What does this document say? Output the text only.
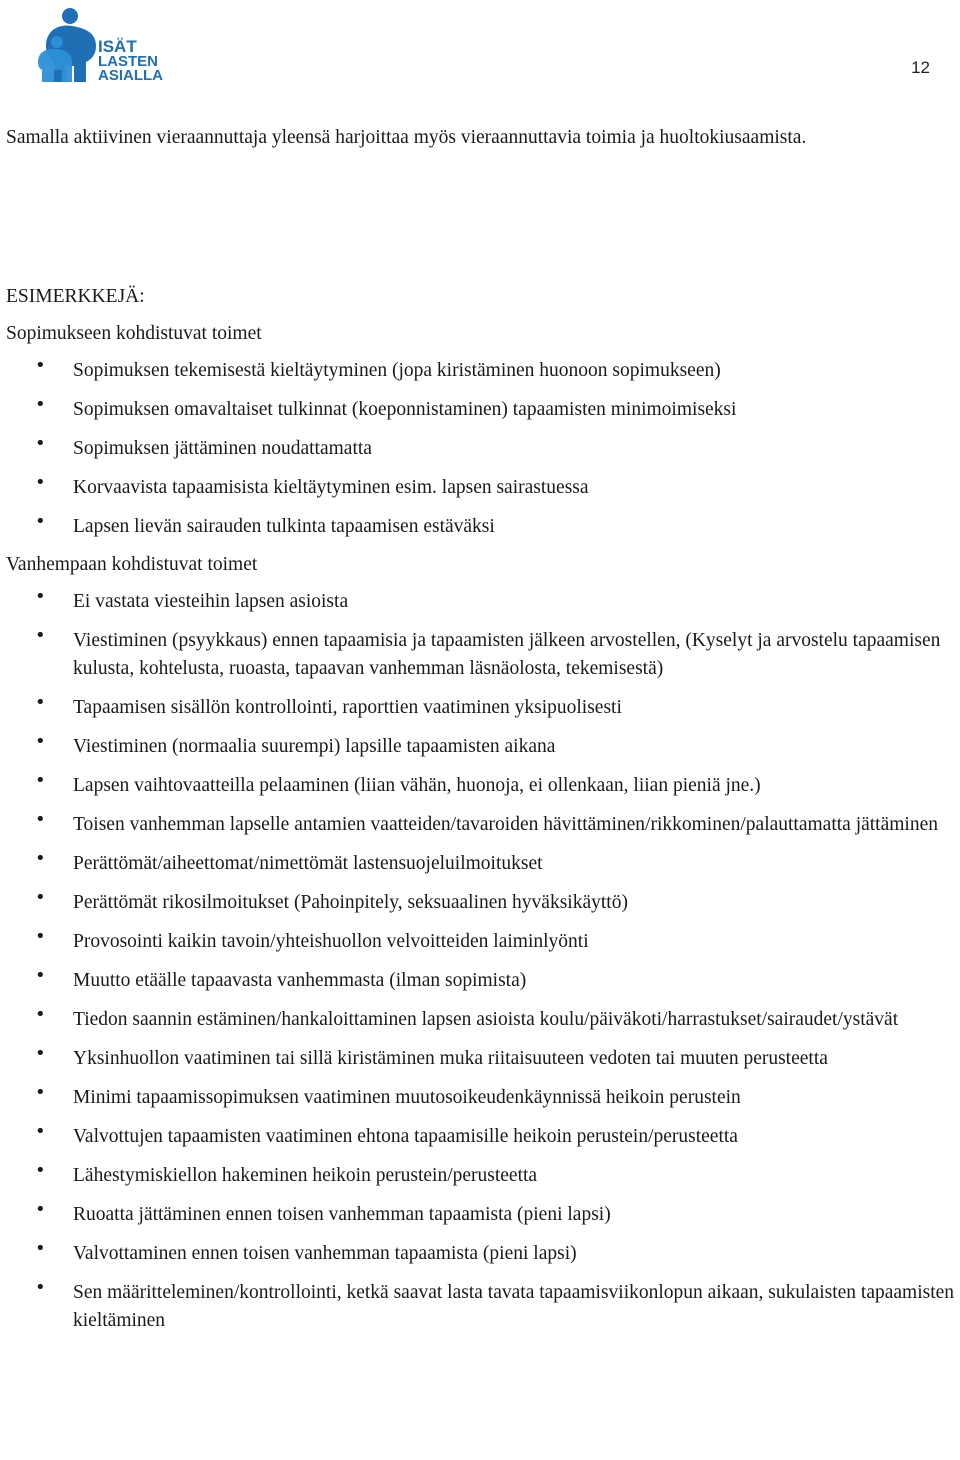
ISÄT
LASTEN
ASIALLA	12

Samalla aktiivinen vieraannuttaja yleensä harjoittaa myös vieraannuttavia toimia ja huoltokiusaamista.

ESIMERKKEJÄ:
Sopimukseen kohdistuvat toimet
• Sopimuksen tekemisestä kieltäytyminen (jopa kiristäminen huonoon sopimukseen)
• Sopimuksen omavaltaiset tulkinnat (koeponnistaminen) tapaamisten minimoimiseksi
• Sopimuksen jättäminen noudattamatta
• Korvaavista tapaamisista kieltäytyminen esim. lapsen sairastuessa
• Lapsen lievän sairauden tulkinta tapaamisen estäväksi
Vanhempaan kohdistuvat toimet
• Ei vastata viesteihin lapsen asioista
• Viestiminen (psyykkaus) ennen tapaamisia ja tapaamisten jälkeen arvostellen, (Kyselyt ja arvostelu tapaamisen kulusta, kohtelusta, ruoasta, tapaavan vanhemman läsnäolosta, tekemisestä)
• Tapaamisen sisällön kontrollointi, raporttien vaatiminen yksipuolisesti
• Viestiminen (normaalia suurempi) lapsille tapaamisten aikana
• Lapsen vaihtovaatteilla pelaaminen (liian vähän, huonoja, ei ollenkaan, liian pieniä jne.)
• Toisen vanhemman lapselle antamien vaatteiden/tavaroiden hävittäminen/rikkominen/palauttamatta jättäminen
• Perättömät/aiheettomat/nimettömät lastensuojeluilmoitukset
• Perättömät rikosilmoitukset (Pahoinpitely, seksuaalinen hyväksikäyttö)
• Provosointi kaikin tavoin/yhteishuollon velvoitteiden laiminlyönti
• Muutto etäälle tapaavasta vanhemmasta (ilman sopimista)
• Tiedon saannin estäminen/hankaloittaminen lapsen asioista koulu/päiväkoti/harrastukset/sairaudet/ystävät
• Yksinhuollon vaatiminen tai sillä kiristäminen muka riitaisuuteen vedoten tai muuten perusteetta
• Minimi tapaamissopimuksen vaatiminen muutosoikeudenkäynnissä heikoin perustein
• Valvottujen tapaamisten vaatiminen ehtona tapaamisille heikoin perustein/perusteetta
• Lähestymiskiellon hakeminen heikoin perustein/perusteetta
• Ruoatta jättäminen ennen toisen vanhemman tapaamista (pieni lapsi)
• Valvottaminen ennen toisen vanhemman tapaamista (pieni lapsi)
• Sen määritteleminen/kontrollointi, ketkä saavat lasta tavata tapaamisviikonlopun aikaan, sukulaisten tapaamisten kieltäminen
